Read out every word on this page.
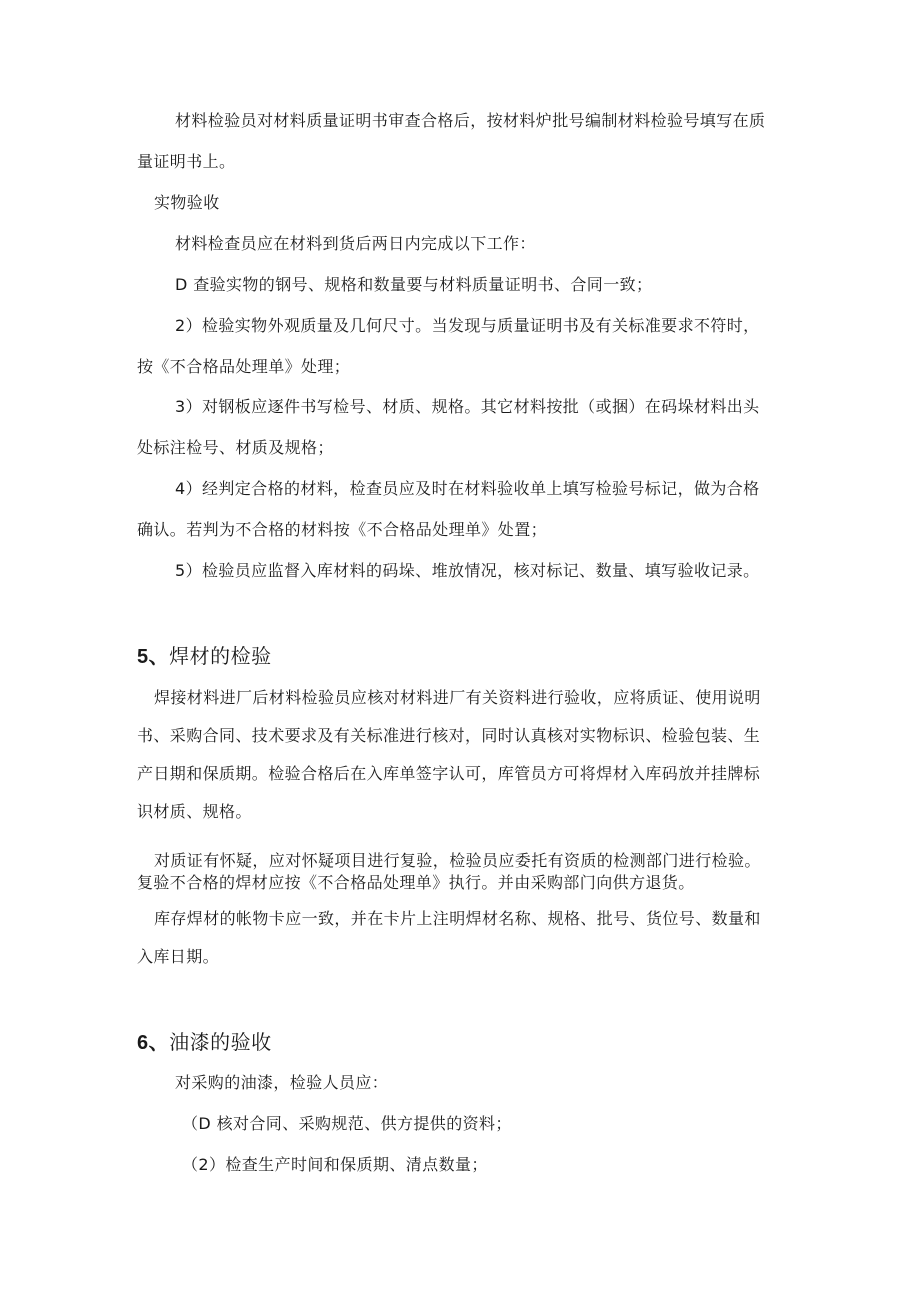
材料检验员对材料质量证明书审查合格后，按材料炉批号编制材料检验号填写在质
量证明书上。
实物验收
材料检查员应在材料到货后两日内完成以下工作：
D 查验实物的钢号、规格和数量要与材料质量证明书、合同一致；
2）检验实物外观质量及几何尺寸。当发现与质量证明书及有关标准要求不符时，
按《不合格品处理单》处理；
3）对钢板应逐件书写检号、材质、规格。其它材料按批（或捆）在码垛材料出头
处标注检号、材质及规格；
4）经判定合格的材料，检查员应及时在材料验收单上填写检验号标记，做为合格
确认。若判为不合格的材料按《不合格品处理单》处置；
5）检验员应监督入库材料的码垛、堆放情况，核对标记、数量、填写验收记录。
5、焊材的检验
焊接材料进厂后材料检验员应核对材料进厂有关资料进行验收，应将质证、使用说明
书、采购合同、技术要求及有关标准进行核对，同时认真核对实物标识、检验包装、生
产日期和保质期。检验合格后在入库单签字认可，库管员方可将焊材入库码放并挂牌标
识材质、规格。
对质证有怀疑，应对怀疑项目进行复验，检验员应委托有资质的检测部门进行检验。
复验不合格的焊材应按《不合格品处理单》执行。并由采购部门向供方退货。
库存焊材的帐物卡应一致，并在卡片上注明焊材名称、规格、批号、货位号、数量和
入库日期。
6、油漆的验收
对采购的油漆，检验人员应：
（D 核对合同、采购规范、供方提供的资料；
（2）检查生产时间和保质期、清点数量；
